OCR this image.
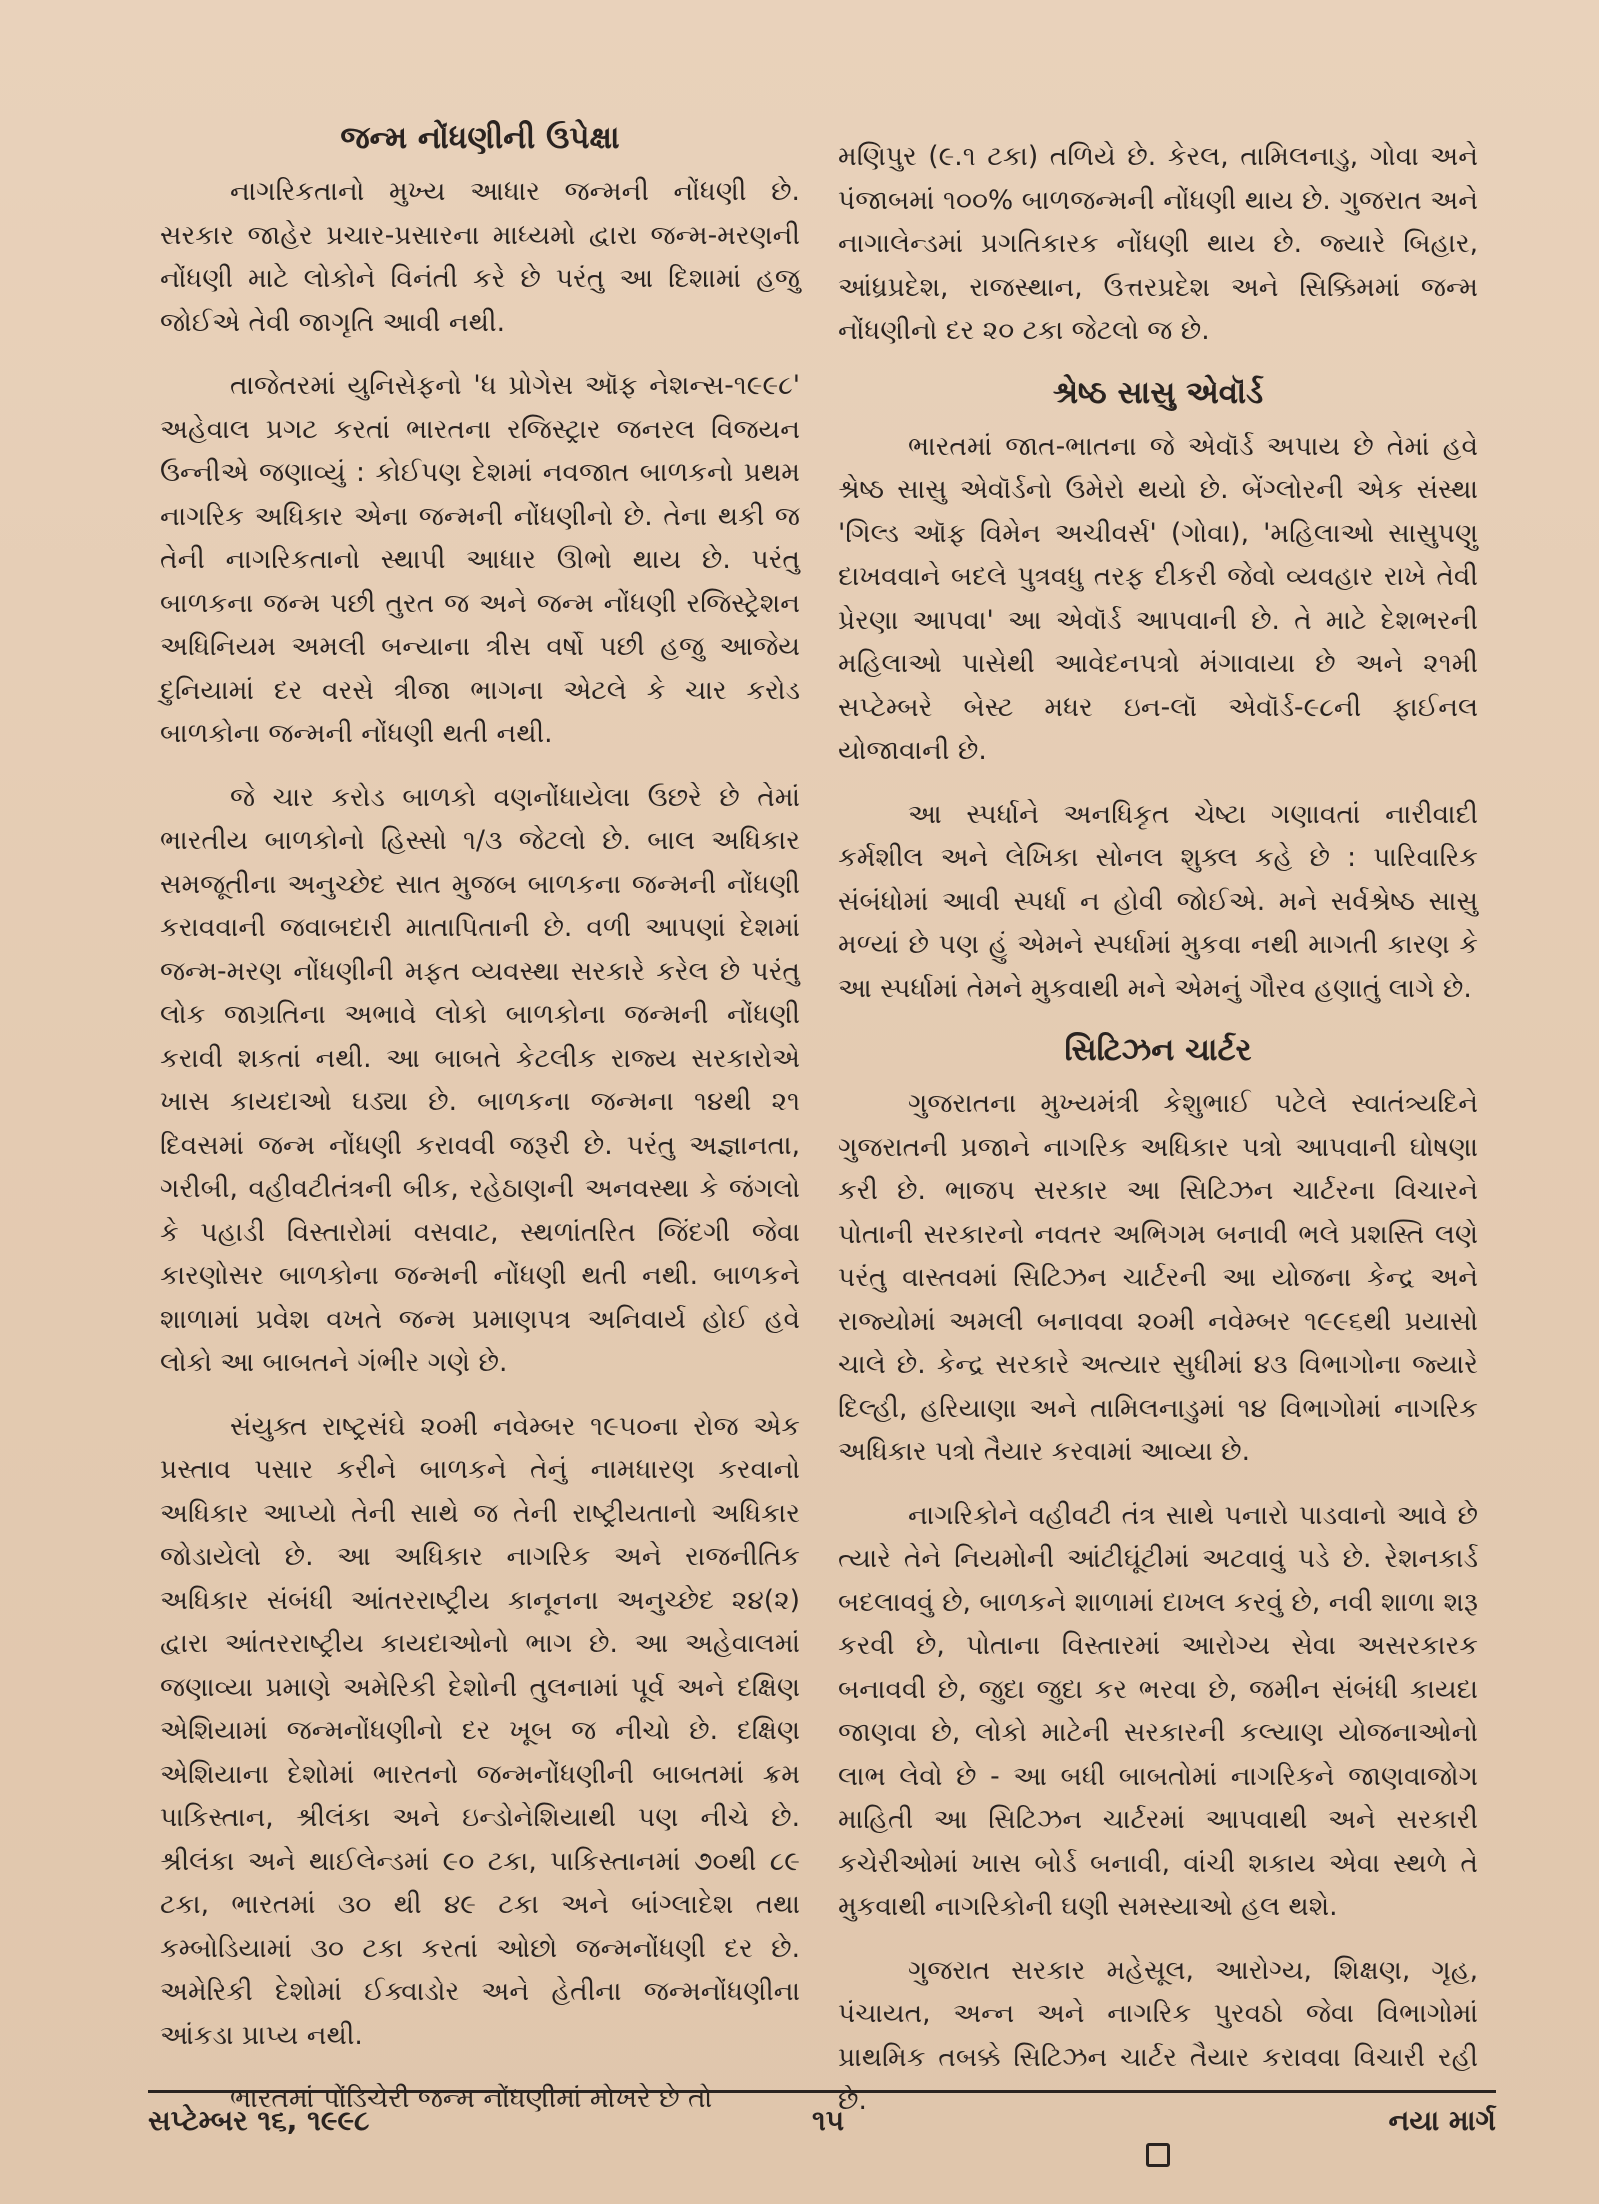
જન્મ નોંધણીની ઉપેક્ષા

નાગરિકતાનો મુખ્ય આધાર જન્મની નોંધણી છે. સરકાર જાહેર પ્રચાર-પ્રસારના માધ્યમો દ્વારા જન્મ-મરણની નોંધણી માટે લોકોને વિનંતી કરે છે પરંતુ આ દિશામાં હજુ જોઈએ તેવી જાગૃતિ આવી નથી.

તાજેતરમાં યુનિસેફનો 'ધ પ્રોગેસ ઑફ નેશન્સ-૧૯૯૮' અહેવાલ પ્રગટ કરતાં ભારતના રજિસ્ટ્રાર જનરલ વિજયન ઉન્નીએ જણાવ્યું : કોઈપણ દેશમાં નવજાત બાળકનો પ્રથમ નાગરિક અધિકાર એના જન્મની નોંધણીનો છે. તેના થકી જ તેની નાગરિકતાનો સ્થાપી આધાર ઊભો થાય છે. પરંતુ બાળકના જન્મ પછી તુરત જ અને જન્મ નોંધણી રજિસ્ટ્રેશન અધિનિયમ અમલી બન્યાના ત્રીસ વર્ષો પછી હજુ આજેય દુનિયામાં દર વરસે ત્રીજા ભાગના એટલે કે ચાર કરોડ બાળકોના જન્મની નોંધણી થતી નથી.

જે ચાર કરોડ બાળકો વણનોંધાયેલા ઉછરે છે તેમાં ભારતીય બાળકોનો હિસ્સો ૧/૩ જેટલો છે. બાલ અધિકાર સમજૂતીના અનુચ્છેદ સાત મુજબ બાળકના જન્મની નોંધણી કરાવવાની જવાબદારી માતાપિતાની છે. વળી આપણાં દેશમાં જન્મ-મરણ નોંધણીની મફત વ્યવસ્થા સરકારે કરેલ છે પરંતુ લોક જાગ્રતિના અભાવે લોકો બાળકોના જન્મની નોંધણી કરાવી શકતાં નથી. આ બાબતે કેટલીક રાજ્ય સરકારોએ ખાસ કાયદાઓ ઘડ્યા છે. બાળકના જન્મના ૧૪થી ૨૧ દિવસમાં જન્મ નોંધણી કરાવવી જરૂરી છે. પરંતુ અજ્ઞાનતા, ગરીબી, વહીવટીતંત્રની બીક, રહેઠાણની અનવસ્થા કે જંગલો કે પહાડી વિસ્તારોમાં વસવાટ, સ્થળાંતરિત જિંદગી જેવા કારણોસર બાળકોના જન્મની નોંધણી થતી નથી. બાળકને શાળામાં પ્રવેશ વખતે જન્મ પ્રમાણપત્ર અનિવાર્ય હોઈ હવે લોકો આ બાબતને ગંભીર ગણે છે.

સંયુક્ત રાષ્ટ્રસંઘે ૨૦મી નવેમ્બર ૧૯૫૦ના રોજ એક પ્રસ્તાવ પસાર કરીને બાળકને તેનું નામધારણ કરવાનો અધિકાર આપ્યો તેની સાથે જ તેની રાષ્ટ્રીયતાનો અધિકાર જોડાયેલો છે. આ અધિકાર નાગરિક અને રાજનીતિક અધિકાર સંબંધી આંતરરાષ્ટ્રીય કાનૂનના અનુચ્છેદ ૨૪(૨) દ્વારા આંતરરાષ્ટ્રીય કાયદાઓનો ભાગ છે. આ અહેવાલમાં જણાવ્યા પ્રમાણે અમેરિકી દેશોની તુલનામાં પૂર્વ અને દક્ષિણ એશિયામાં જન્મનોંધણીનો દર ખૂબ જ નીચો છે. દક્ષિણ એશિયાના દેશોમાં ભારતનો જન્મનોંધણીની બાબતમાં ક્રમ પાકિસ્તાન, શ્રીલંકા અને ઇન્ડોનેશિયાથી પણ નીચે છે. શ્રીલંકા અને થાઈલેન્ડમાં ૯૦ ટકા, પાકિસ્તાનમાં ૭૦થી ૮૯ ટકા, ભારતમાં ૩૦ થી ૪૯ ટકા અને બાંગ્લાદેશ તથા કમ્બોડિયામાં ૩૦ ટકા કરતાં ઓછો જન્મનોંધણી દર છે. અમેરિકી દેશોમાં ઈક્વાડોર અને હેતીના જન્મનોંધણીના આંકડા પ્રાપ્ય નથી.

ભારતમાં પોંડિચેરી જન્મ નોંધણીમાં મોખરે છે તો

મણિપુર (૯.૧ ટકા) તળિયે છે. કેરલ, તામિલનાડુ, ગોવા અને પંજાબમાં ૧૦૦% બાળજન્મની નોંધણી થાય છે. ગુજરાત અને નાગાલેન્ડમાં પ્રગતિકારક નોંધણી થાય છે. જ્યારે બિહાર, આંધ્રપ્રદેશ, રાજસ્થાન, ઉત્તરપ્રદેશ અને સિક્કિમમાં જન્મ નોંધણીનો દર ૨૦ ટકા જેટલો જ છે.

શ્રેષ્ઠ સાસુ એવૉર્ડ

ભારતમાં જાત-ભાતના જે એવૉર્ડ અપાય છે તેમાં હવે શ્રેષ્ઠ સાસુ એવૉર્ડનો ઉમેરો થયો છે. બેંગ્લોરની એક સંસ્થા 'ગિલ્ડ ઑફ વિમેન અચીવર્સ' (ગોવા), 'મહિલાઓ સાસુપણુ દાખવવાને બદલે પુત્રવધુ તરફ દીકરી જેવો વ્યવહાર રાખે તેવી પ્રેરણા આપવા' આ એવૉર્ડ આપવાની છે. તે માટે દેશભરની મહિલાઓ પાસેથી આવેદનપત્રો મંગાવાયા છે અને ૨૧મી સપ્ટેમ્બરે બેસ્ટ મધર ઇન-લૉ એવૉર્ડ-૯૮ની ફાઈનલ યોજાવાની છે.

આ સ્પર્ધાને અનધિકૃત ચેષ્ટા ગણાવતાં નારીવાદી કર્મશીલ અને લેખિકા સોનલ શુક્લ કહે છે : પારિવારિક સંબંધોમાં આવી સ્પર્ધા ન હોવી જોઈએ. મને સર્વશ્રેષ્ઠ સાસુ મળ્યાં છે પણ હું એમને સ્પર્ધામાં મુકવા નથી માગતી કારણ કે આ સ્પર્ધામાં તેમને મુકવાથી મને એમનું ગૌરવ હણાતું લાગે છે.

સિટિઝન ચાર્ટર

ગુજરાતના મુખ્યમંત્રી કેશુભાઈ પટેલે સ્વાતંત્ર્યદિને ગુજરાતની પ્રજાને નાગરિક અધિકાર પત્રો આપવાની ઘોષણા કરી છે. ભાજપ સરકાર આ સિટિઝન ચાર્ટરના વિચારને પોતાની સરકારનો નવતર અભિગમ બનાવી ભલે પ્રશસ્તિ લણે પરંતુ વાસ્તવમાં સિટિઝન ચાર્ટરની આ યોજના કેન્દ્ર અને રાજ્યોમાં અમલી બનાવવા ૨૦મી નવેમ્બર ૧૯૯૬થી પ્રયાસો ચાલે છે. કેન્દ્ર સરકારે અત્યાર સુધીમાં ૪૩ વિભાગોના જ્યારે દિલ્હી, હરિયાણા અને તામિલનાડુમાં ૧૪ વિભાગોમાં નાગરિક અધિકાર પત્રો તૈયાર કરવામાં આવ્યા છે.

નાગરિકોને વહીવટી તંત્ર સાથે પનારો પાડવાનો આવે છે ત્યારે તેને નિયમોની આંટીઘૂંટીમાં અટવાવું પડે છે. રેશનકાર્ડ બદલાવવું છે, બાળકને શાળામાં દાખલ કરવું છે, નવી શાળા શરૂ કરવી છે, પોતાના વિસ્તારમાં આરોગ્ય સેવા અસરકારક બનાવવી છે, જુદા જુદા કર ભરવા છે, જમીન સંબંધી કાયદા જાણવા છે, લોકો માટેની સરકારની કલ્યાણ યોજનાઓનો લાભ લેવો છે - આ બધી બાબતોમાં નાગરિકને જાણવાજોગ માહિતી આ સિટિઝન ચાર્ટરમાં આપવાથી અને સરકારી કચેરીઓમાં ખાસ બોર્ડ બનાવી, વાંચી શકાય એવા સ્થળે તે મુકવાથી નાગરિકોની ઘણી સમસ્યાઓ હલ થશે.

ગુજરાત સરકાર મહેસૂલ, આરોગ્ય, શિક્ષણ, ગૃહ, પંચાયત, અન્ન અને નાગરિક પુરવઠો જેવા વિભાગોમાં પ્રાથમિક તબક્કે સિટિઝન ચાર્ટર તૈયાર કરાવવા વિચારી રહી છે.

સપ્ટેમ્બર ૧૬, ૧૯૯૮	૧૫	નયા માર્ગ
